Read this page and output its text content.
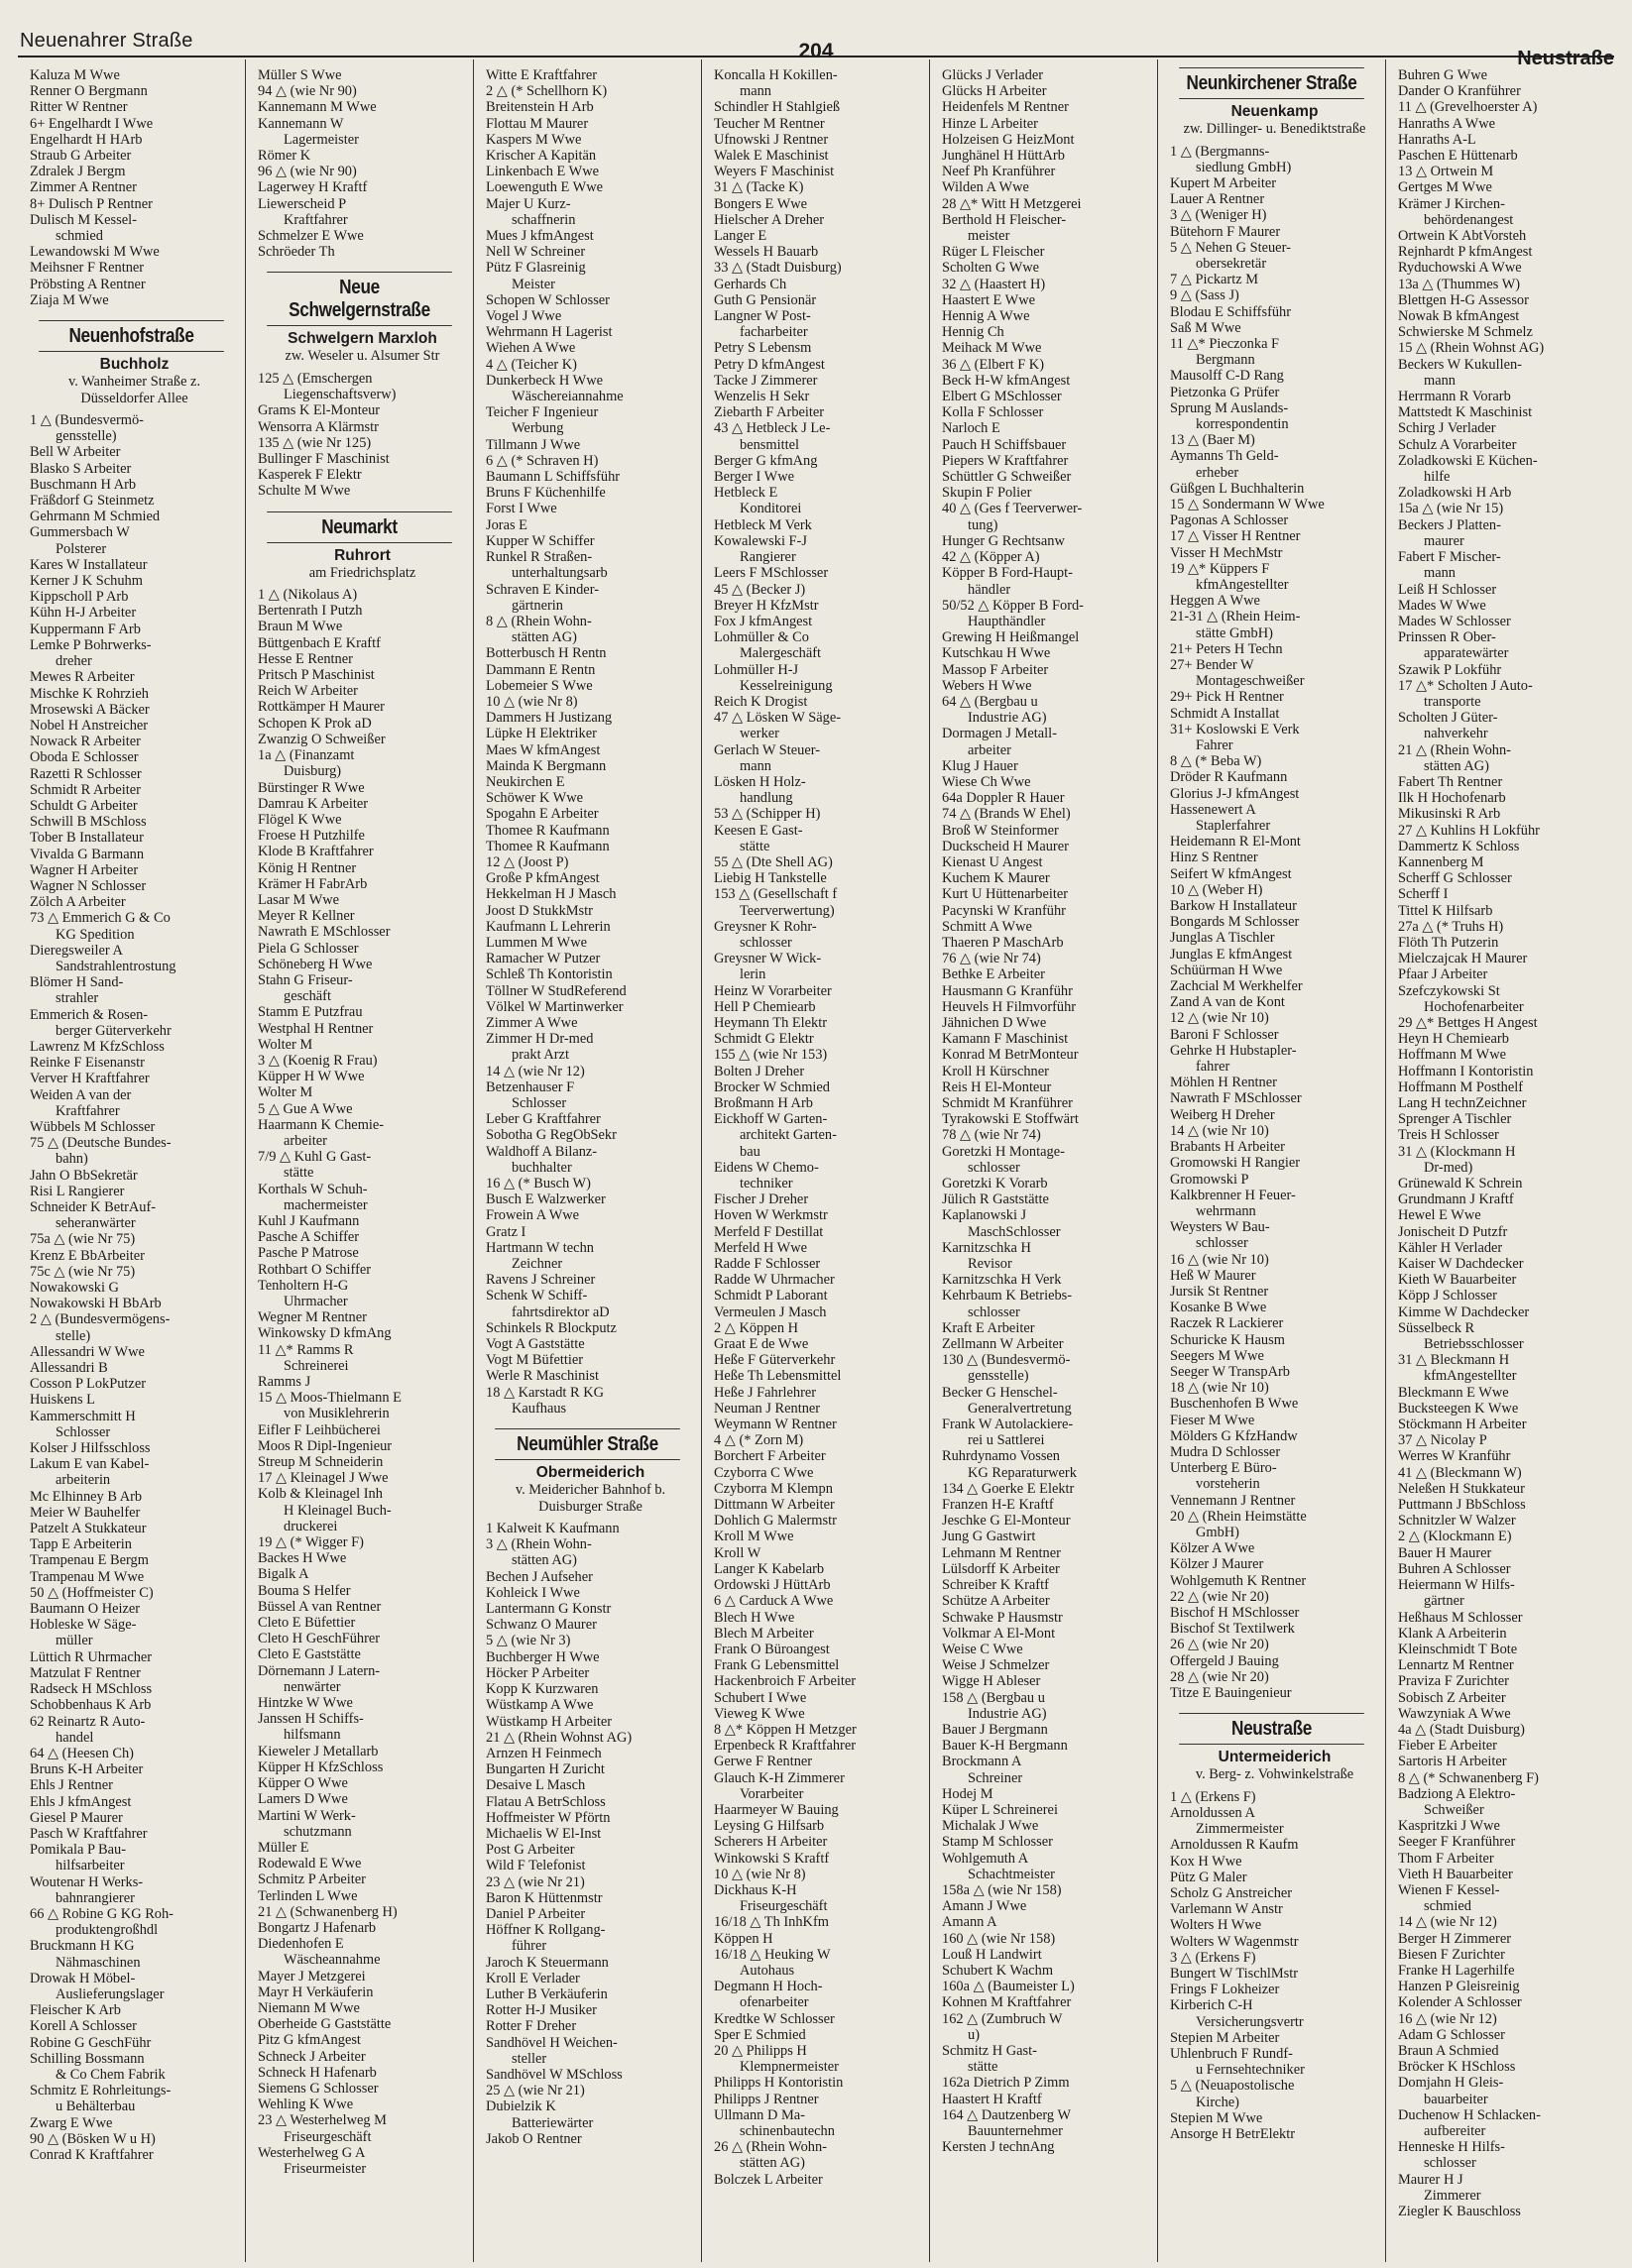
Neuenahrer Straße	204	Neustraße
Kaluza M Wwe
Renner O Bergmann
Ritter W Rentner
6+ Engelhardt I Wwe
Engelhardt H HArb
Straub G Arbeiter
Zdralek J Bergm
Zimmer A Rentner
8+ Dulisch P Rentner
Dulisch M Kessel-
schmied
Lewandowski M Wwe
Meihsner F Rentner
Pröbsting A Rentner
Ziaja M Wwe
Neuenhofstraße
Buchholz
v. Wanheimer Straße z. Düsseldorfer Allee
1 △ (Bundesvermö-
gensstelle)
Bell W Arbeiter
Blasko S Arbeiter
Buschmann H Arb
Fräßdorf G Steinmetz
Gehrmann M Schmied
Gummersbach W
Polsterer
Kares W Installateur
Kerner J K Schuhm
Kippscholl P Arb
Kühn H-J Arbeiter
Kuppermann F Arb
Lemke P Bohrwerks-
dreher
Mewes R Arbeiter
Mischke K Rohrzieh
Mrosewski A Bäcker
Nobel H Anstreicher
Nowack R Arbeiter
Oboda E Schlosser
Razetti R Schlosser
Schmidt R Arbeiter
Schuldt G Arbeiter
Schwill B MSchloss
Tober B Installateur
Vivalda G Barmann
Wagner H Arbeiter
Wagner N Schlosser
Zölch A Arbeiter
73 △ Emmerich G & Co
KG Spedition
Dieregsweiler A
Sandstrahlentrostung
Blömer H Sand-
strahler
Emmerich & Rosen-
berger Güterverkehr
Lawrenz M KfzSchloss
Reinke F Eisenanstr
Verver H Kraftfahrer
Weiden A van der
Kraftfahrer
Wübbels M Schlosser
75 △ (Deutsche Bundes-
bahn)
Jahn O BbSekretär
Risi L Rangierer
Schneider K BetrAuf-
seheranwärter
75a △ (wie Nr 75)
Krenz E BbArbeiter
75c △ (wie Nr 75)
Nowakowski G
Nowakowski H BbArb
2 △ (Bundesvermögens-
stelle)
Allessandri W Wwe
Allessandri B
Cosson P LokPutzer
Huiskens L
Kammerschmitt H
Schlosser
Kolser J Hilfsschloss
Lakum E van Kabel-
arbeiterin
Mc Elhinney B Arb
Meier W Bauhelfer
Patzelt A Stukkateur
Tapp E Arbeiterin
Trampenau E Bergm
Trampenau M Wwe
50 △ (Hoffmeister C)
Baumann O Heizer
Hobleske W Säge-
müller
Lüttich R Uhrmacher
Matzulat F Rentner
Radseck H MSchloss
Schobbenhaus K Arb
62 Reinartz R Auto-
handel
64 △ (Heesen Ch)
Bruns K-H Arbeiter
Ehls J Rentner
Ehls J kfmAngest
Giesel P Maurer
Pasch W Kraftfahrer
Pomikala P Bau-
hilfsarbeiter
Woutenar H Werks-
bahnrangierer
66 △ Robine G KG Roh-
produktengroßhdl
Bruckmann H KG
Nähmaschinen
Drowak H Möbel-
Auslieferungslager
Fleischer K Arb
Korell A Schlosser
Robine G GeschFühr
Schilling Bossmann
& Co Chem Fabrik
Schmitz E Rohrleitungs-
u Behälterbau
Zwarg E Wwe
90 △ (Bösken W u H)
Conrad K Kraftfahrer
Müller S Wwe
94 △ (wie Nr 90)
Kannemann M Wwe
Kannemann W
Lagermeister
Römer K
96 △ (wie Nr 90)
Lagerwey H Kraftf
Liewerscheid P
Kraftfahrer
Schmelzer E Wwe
Schröeder Th
Neue Schwelgernstraße
Schwelgern Marxloh
zw. Weseler u. Alsumer Str
125 △ (Emschergen
Liegenschaftsverw)
Grams K El-Monteur
Wensorra A Klärmstr
135 △ (wie Nr 125)
Bullinger F Maschinist
Kasperek F Elektr
Schulte M Wwe
Neumarkt
Ruhrort
am Friedrichsplatz
1 △ (Nikolaus A)
Bertenrath I Putzh
Braun M Wwe
Büttgenbach E Kraftf
Hesse E Rentner
Pritsch P Maschinist
Reich W Arbeiter
Rottkämper H Maurer
Schopen K Prok aD
Zwanzig O Schweißer
1a △ (Finanzamt
Duisburg)
Bürstinger R Wwe
Damrau K Arbeiter
Flögel K Wwe
Froese H Putzhilfe
Klode B Kraftfahrer
König H Rentner
Krämer H FabrArb
Lasar M Wwe
Meyer R Kellner
Nawrath E MSchlosser
Piela G Schlosser
Schöneberg H Wwe
Stahn G Friseur-
geschäft
Stamm E Putzfrau
Westphal H Rentner
Wolter M
3 △ (Koenig R Frau)
Küpper H W Wwe
Wolter M
5 △ Gue A Wwe
Haarmann K Chemie-
arbeiter
7/9 △ Kuhl G Gast-
stätte
Korthals W Schuh-
machermeister
Kuhl J Kaufmann
Pasche A Schiffer
Pasche P Matrose
Rothbart O Schiffer
Tenholtern H-G
Uhrmacher
Wegner M Rentner
Winkowsky D kfmAng
11 △* Ramms R
Schreinerei
Ramms J
15 △ Moos-Thielmann E
von Musiklehrerin
Eifler F Leihbücherei
Moos R Dipl-Ingenieur
Streup M Schneiderin
17 △ Kleinagel J Wwe
Kolb & Kleinagel Inh
H Kleinagel Buch-
druckerei
19 △ (* Wigger F)
Backes H Wwe
Bigalk A
Bouma S Helfer
Büssel A van Rentner
Cleto E Büfettier
Cleto H GeschFührer
Cleto E Gaststätte
Dörnemann J Latern-
nenwärter
Hintzke W Wwe
Janssen H Schiffs-
hilfsmann
Kieweler J Metallarb
Küpper H KfzSchloss
Küpper O Wwe
Lamers D Wwe
Martini W Werk-
schutzmann
Müller E
Rodewald E Wwe
Schmitz P Arbeiter
Terlinden L Wwe
21 △ (Schwanenberg H)
Bongartz J Hafenarb
Diedenhofen E
Wäscheannahme
Mayer J Metzgerei
Mayr H Verkäuferin
Niemann M Wwe
Oberheide G Gaststätte
Pitz G kfmAngest
Schneck J Arbeiter
Schneck H Hafenarb
Siemens G Schlosser
Wehling K Wwe
23 △ Westerhelweg M
Friseurgeschäft
Westerhelweg G A
Friseurmeister
Witte E Kraftfahrer
2 △ (* Schellhorn K)
Breitenstein H Arb
Flottau M Maurer
Kaspers M Wwe
Krischer A Kapitän
Linkenbach E Wwe
Loewenguth E Wwe
Majer U Kurz-
schaffnerin
Mues J kfmAngest
Nell W Schreiner
Pütz F Glasreinig
Meister
Schopen W Schlosser
Vogel J Wwe
Wehrmann H Lagerist
Wiehen A Wwe
4 △ (Teicher K)
Dunkerbeck H Wwe
Wäschereiannahme
Teicher F Ingenieur
Werbung
Tillmann J Wwe
6 △ (* Schraven H)
Baumann L Schiffsführ
Bruns F Küchenhilfe
Forst I Wwe
Joras E
Kupper W Schiffer
Runkel R Straßen-
unterhaltungsarb
Schraven E Kinder-
gärtnerin
8 △ (Rhein Wohn-
stätten AG)
Botterbusch H Rentn
Dammann E Rentn
Lobemeier S Wwe
10 △ (wie Nr 8)
Dammers H Justizang
Lüpke H Elektriker
Maes W kfmAngest
Mainda K Bergmann
Neukirchen E
Schöwer K Wwe
Spogahn E Arbeiter
Thomee R Kaufmann
Thomee R Kaufmann
12 △ (Joost P)
Große P kfmAngest
Hekkelman H J Masch
Joost D StukkMstr
Kaufmann L Lehrerin
Lummen M Wwe
Ramacher W Putzer
Schleß Th Kontoristin
Töllner W StudReferend
Völkel W Martinwerker
Zimmer A Wwe
Zimmer H Dr-med
prakt Arzt
14 △ (wie Nr 12)
Betzenhauser F
Schlosser
Leber G Kraftfahrer
Sobotha G RegObSekr
Waldhoff A Bilanz-
buchhalter
16 △ (* Busch W)
Busch E Walzwerker
Frowein A Wwe
Gratz I
Hartmann W techn
Zeichner
Ravens J Schreiner
Schenk W Schiff-
fahrtsdirektor aD
Schinkels R Blockputz
Vogt A Gaststätte
Vogt M Büfettier
Werle R Maschinist
18 △ Karstadt R KG
Kaufhaus
Neumühler Straße
Obermeiderich
v. Meidericher Bahnhof b. Duisburger Straße
1 Kalweit K Kaufmann
3 △ (Rhein Wohn-
stätten AG)
Bechen J Aufseher
Kohleick I Wwe
Lantermann G Konstr
Schwanz O Maurer
5 △ (wie Nr 3)
Buchberger H Wwe
Höcker P Arbeiter
Kopp K Kurzwaren
Wüstkamp A Wwe
Wüstkamp H Arbeiter
21 △ (Rhein Wohnst AG)
Arnzen H Feinmech
Bungarten H Zuricht
Desaive L Masch
Flatau A BetrSchloss
Hoffmeister W Pförtn
Michaelis W El-Inst
Post G Arbeiter
Wild F Telefonist
23 △ (wie Nr 21)
Baron K Hüttenmstr
Daniel P Arbeiter
Höffner K Rollgang-
führer
Jaroch K Steuermann
Kroll E Verlader
Luther B Verkäuferin
Rotter H-J Musiker
Rotter F Dreher
Sandhövel H Weichen-
steller
Sandhövel W MSchloss
25 △ (wie Nr 21)
Dubielzik K
Batteriewärter
Jakob O Rentner
Koncalla H Kokillen-
mann
Schindler H Stahlgieß
Teucher M Rentner
Ufnowski J Rentner
Walek E Maschinist
Weyers F Maschinist
31 △ (Tacke K)
Bongers E Wwe
Hielscher A Dreher
Langer E
Wessels H Bauarb
33 △ (Stadt Duisburg)
Gerhards Ch
Guth G Pensionär
Langner W Post-
facharbeiter
Petry S Lebensm
Petry D kfmAngest
Tacke J Zimmerer
Wenzelis H Sekr
Ziebarth F Arbeiter
43 △ Hetbleck J Le-
bensmittel
Berger G kfmAng
Berger I Wwe
Hetbleck E
Konditorei
Hetbleck M Verk
Kowalewski F-J
Rangierer
Leers F MSchlosser
45 △ (Becker J)
Breyer H KfzMstr
Fox J kfmAngest
Lohmüller & Co
Malergeschäft
Lohmüller H-J
Kesselreinigung
Reich K Drogist
47 △ Lösken W Säge-
werker
Gerlach W Steuer-
mann
Lösken H Holz-
handlung
53 △ (Schipper H)
Keesen E Gast-
stätte
55 △ (Dte Shell AG)
Liebig H Tankstelle
153 △ (Gesellschaft f
Teerverwertung)
Greysner K Rohr-
schlosser
Greysner W Wick-
lerin
Heinz W Vorarbeiter
Hell P Chemiearb
Heymann Th Elektr
Schmidt G Elektr
155 △ (wie Nr 153)
Bolten J Dreher
Brocker W Schmied
Broßmann H Arb
Eickhoff W Garten-
architekt Garten-
bau
Eidens W Chemo-
techniker
Fischer J Dreher
Hoven W Werkmstr
Merfeld F Destillat
Merfeld H Wwe
Radde F Schlosser
Radde W Uhrmacher
Schmidt P Laborant
Vermeulen J Masch
2 △ Köppen H
Graat E de Wwe
Heße F Güterverkehr
Heße Th Lebensmittel
Heße J Fahrlehrer
Neuman J Rentner
Weymann W Rentner
4 △ (* Zorn M)
Borchert F Arbeiter
Czyborra C Wwe
Czyborra M Klempn
Dittmann W Arbeiter
Dohlich G Malermstr
Kroll M Wwe
Kroll W
Langer K Kabelarb
Ordowski J HüttArb
6 △ Carduck A Wwe
Blech H Wwe
Blech M Arbeiter
Frank O Büroangest
Frank G Lebensmittel
Hackenbroich F Arbeiter
Schubert I Wwe
Vieweg K Wwe
8 △* Köppen H Metzger
Erpenbeck R Kraftfahrer
Gerwe F Rentner
Glauch K-H Zimmerer
Vorarbeiter
Haarmeyer W Bauing
Leysing G Hilfsarb
Scherers H Arbeiter
Winkowski S Kraftf
10 △ (wie Nr 8)
Dickhaus K-H
Friseurgeschäft
16/18 △ Th InhKfm
Köppen H
16/18 △ Heuking W
Autohaus
Degmann H Hoch-
ofenarbeiter
Kredtke W Schlosser
Sper E Schmied
20 △ Philipps H
Klempnermeister
Philipps H Kontoristin
Philipps J Rentner
Ullmann D Ma-
schinenbautechn
26 △ (Rhein Wohn-
stätten AG)
Bolczek L Arbeiter
Glücks J Verlader
Glücks H Arbeiter
Heidenfels M Rentner
Hinze L Arbeiter
Holzeisen G HeizMont
Junghänel H HüttArb
Neef Ph Kranführer
Wilden A Wwe
28 △* Witt H Metzgerei
Berthold H Fleischer-
meister
Rüger L Fleischer
Scholten G Wwe
32 △ (Haastert H)
Haastert E Wwe
Hennig A Wwe
Hennig Ch
Meihack M Wwe
36 △ (Elbert F K)
Beck H-W kfmAngest
Elbert G MSchlosser
Kolla F Schlosser
Narloch E
Pauch H Schiffsbauer
Piepers W Kraftfahrer
Schüttler G Schweißer
Skupin F Polier
40 △ (Ges f Teerverwer-
tung)
Hunger G Rechtsanw
42 △ (Köpper A)
Köpper B Ford-Haupt-
händler
50/52 △ Köpper B Ford-
Haupthändler
Grewing H Heißmangel
Kutschkau H Wwe
Massop F Arbeiter
Webers H Wwe
64 △ (Bergbau u
Industrie AG)
Dormagen J Metall-
arbeiter
Klug J Hauer
Wiese Ch Wwe
64a Doppler R Hauer
74 △ (Brands W Ehel)
Broß W Steinformer
Duckscheid H Maurer
Kienast U Angest
Kuchem K Maurer
Kurt U Hüttenarbeiter
Pacynski W Kranführ
Schmitt A Wwe
Thaeren P MaschArb
76 △ (wie Nr 74)
Bethke E Arbeiter
Hausmann G Kranführ
Heuvels H Filmvorführ
Jähnichen D Wwe
Kamann F Maschinist
Konrad M BetrMonteur
Kroll H Kürschner
Reis H El-Monteur
Schmidt M Kranführer
Tyrakowski E Stoffwärt
78 △ (wie Nr 74)
Goretzki H Montage-
schlosser
Goretzki K Vorarb
Jülich R Gaststätte
Kaplanowski J
MaschSchlosser
Karnitzschka H
Revisor
Karnitzschka H Verk
Kehrbaum K Betriebs-
schlosser
Kraft E Arbeiter
Zellmann W Arbeiter
130 △ (Bundesvermö-
gensstelle)
Becker G Henschel-
Generalvertretung
Frank W Autolackiere-
rei u Sattlerei
Ruhrdynamo Vossen
KG Reparaturwerk
134 △ Goerke E Elektr
Franzen H-E Kraftf
Jeschke G El-Monteur
Jung G Gastwirt
Lehmann M Rentner
Lülsdorff K Arbeiter
Schreiber K Kraftf
Schütze A Arbeiter
Schwake P Hausmstr
Volkmar A El-Mont
Weise C Wwe
Weise J Schmelzer
Wigge H Ableser
158 △ (Bergbau u
Industrie AG)
Bauer J Bergmann
Bauer K-H Bergmann
Brockmann A
Schreiner
Hodej M
Küper L Schreinerei
Michalak J Wwe
Stamp M Schlosser
Wohlgemuth A
Schachtmeister
158a △ (wie Nr 158)
Amann J Wwe
Amann A
160 △ (wie Nr 158)
Louß H Landwirt
Schubert K Wachm
160a △ (Baumeister L)
Kohnen M Kraftfahrer
162 △ (Zumbruch W
u)
Schmitz H Gast-
stätte
162a Dietrich P Zimm
Haastert H Kraftf
164 △ Dautzenberg W
Bauunternehmer
Kersten J technAng
Neunkirchener Straße
Neuenkamp
zw. Dillinger- u. Benediktstraße
1 △ (Bergmanns-
siedlung GmbH)
Kupert M Arbeiter
Lauer A Rentner
3 △ (Weniger H)
Bütehorn F Maurer
5 △ Nehen G Steuer-
obersekretär
7 △ Pickartz M
9 △ (Sass J)
Blodau E Schiffsführ
Saß M Wwe
11 △* Pieczonka F
Bergmann
Mausolff C-D Rang
Pietzonka G Prüfer
Sprung M Auslands-
korrespondentin
13 △ (Baer M)
Aymanns Th Geld-
erheber
Güßgen L Buchhalterin
15 △ Sondermann W Wwe
Pagonas A Schlosser
17 △ Visser H Rentner
Visser H MechMstr
19 △* Küppers F
kfmAngestellter
Heggen A Wwe
21-31 △ (Rhein Heim-
stätte GmbH)
21+ Peters H Techn
27+ Bender W
Montageschweißer
29+ Pick H Rentner
Schmidt A Installat
31+ Koslowski E Verk
Fahrer
8 △ (* Beba W)
Dröder R Kaufmann
Glorius J-J kfmAngest
Hassenewert A
Staplerfahrer
Heidemann R El-Mont
Hinz S Rentner
Seifert W kfmAngest
10 △ (Weber H)
Barkow H Installateur
Bongards M Schlosser
Junglas A Tischler
Junglas E kfmAngest
Schüürman H Wwe
Zachcial M Werkhelfer
Zand A van de Kont
12 △ (wie Nr 10)
Baroni F Schlosser
Gehrke H Hubstapler-
fahrer
Möhlen H Rentner
Nawrath F MSchlosser
Weiberg H Dreher
14 △ (wie Nr 10)
Brabants H Arbeiter
Gromowski H Rangier
Gromowski P
Kalkbrenner H Feuer-
wehrmann
Weysters W Bau-
schlosser
16 △ (wie Nr 10)
Heß W Maurer
Jursik St Rentner
Kosanke B Wwe
Raczek R Lackierer
Schuricke K Hausm
Seegers M Wwe
Seeger W TranspArb
18 △ (wie Nr 10)
Buschenhofen B Wwe
Fieser M Wwe
Mölders G KfzHandw
Mudra D Schlosser
Unterberg E Büro-
vorsteherin
Vennemann J Rentner
20 △ (Rhein Heimstätte
GmbH)
Kölzer A Wwe
Kölzer J Maurer
Wohlgemuth K Rentner
22 △ (wie Nr 20)
Bischof H MSchlosser
Bischof St Textilwerk
26 △ (wie Nr 20)
Offergeld J Bauing
28 △ (wie Nr 20)
Titze E Bauingenieur
Neustraße
Untermeiderich
v. Berg- z. Vohwinkelstraße
1 △ (Erkens F)
Arnoldussen A
Zimmermeister
Arnoldussen R Kaufm
Kox H Wwe
Pütz G Maler
Scholz G Anstreicher
Varlemann W Anstr
Wolters H Wwe
Wolters W Wagenmstr
3 △ (Erkens F)
Bungert W TischlMstr
Frings F Lokheizer
Kirberich C-H
Versicherungsvertr
Stepien M Arbeiter
Uhlenbruch F Rundf-
u Fernsehtechniker
5 △ (Neuapostolische
Kirche)
Stepien M Wwe
Ansorge H BetrElektr
Buhren G Wwe
Dander O Kranführer
11 △ (Grevelhoerster A)
Hanraths A Wwe
Hanraths A-L
Paschen E Hüttenarb
13 △ Ortwein M
Gertges M Wwe
Krämer J Kirchen-
behördenangest
Ortwein K AbtVorsteh
Rejnhardt P kfmAngest
Ryduchowski A Wwe
13a △ (Thummes W)
Blettgen H-G Assessor
Nowak B kfmAngest
Schwierske M Schmelz
15 △ (Rhein Wohnst AG)
Beckers W Kukullen-
mann
Herrmann R Vorarb
Mattstedt K Maschinist
Schirg J Verlader
Schulz A Vorarbeiter
Zoladkowski E Küchen-
hilfe
Zoladkowski H Arb
15a △ (wie Nr 15)
Beckers J Platten-
maurer
Fabert F Mischer-
mann
Leiß H Schlosser
Mades W Wwe
Mades W Schlosser
Prinssen R Ober-
apparatewärter
Szawik P Lokführ
17 △* Scholten J Auto-
transporte
Scholten J Güter-
nahverkehr
21 △ (Rhein Wohn-
stätten AG)
Fabert Th Rentner
Ilk H Hochofenarb
Mikusinski R Arb
27 △ Kuhlins H Lokführ
Dammertz K Schloss
Kannenberg M
Scherff G Schlosser
Scherff I
Tittel K Hilfsarb
27a △ (* Truhs H)
Flöth Th Putzerin
Mielczajcak H Maurer
Pfaar J Arbeiter
Szefczykowski St
Hochofenarbeiter
29 △* Bettges H Angest
Heyn H Chemiearb
Hoffmann M Wwe
Hoffmann I Kontoristin
Hoffmann M Posthelf
Lang H technZeichner
Sprenger A Tischler
Treis H Schlosser
31 △ (Klockmann H
Dr-med)
Grünewald K Schrein
Grundmann J Kraftf
Hewel E Wwe
Jonischeit D Putzfr
Kähler H Verlader
Kaiser W Dachdecker
Kieth W Bauarbeiter
Köpp J Schlosser
Kimme W Dachdecker
Süsselbeck R
Betriebsschlosser
31 △ Bleckmann H
kfmAngestellter
Bleckmann E Wwe
Bucksteegen K Wwe
Stöckmann H Arbeiter
37 △ Nicolay P
Werres W Kranführ
41 △ (Bleckmann W)
Neleßen H Stukkateur
Puttmann J BbSchloss
Schnitzler W Walzer
2 △ (Klockmann E)
Bauer H Maurer
Buhren A Schlosser
Heiermann W Hilfs-
gärtner
Heßhaus M Schlosser
Klank A Arbeiterin
Kleinschmidt T Bote
Lennartz M Rentner
Praviza F Zurichter
Sobisch Z Arbeiter
Wawzyniak A Wwe
4a △ (Stadt Duisburg)
Fieber E Arbeiter
Sartoris H Arbeiter
8 △ (* Schwanenberg F)
Badziong A Elektro-
Schweißer
Kaspritzki J Wwe
Seeger F Kranführer
Thom F Arbeiter
Vieth H Bauarbeiter
Wienen F Kessel-
schmied
14 △ (wie Nr 12)
Berger H Zimmerer
Biesen F Zurichter
Franke H Lagerhilfe
Hanzen P Gleisreinig
Kolender A Schlosser
16 △ (wie Nr 12)
Adam G Schlosser
Braun A Schmied
Bröcker K HSchloss
Domjahn H Gleis-
bauarbeiter
Duchenow H Schlacken-
aufbereiter
Henneske H Hilfs-
schlosser
Maurer H J
Zimmerer
Ziegler K Bauschloss
